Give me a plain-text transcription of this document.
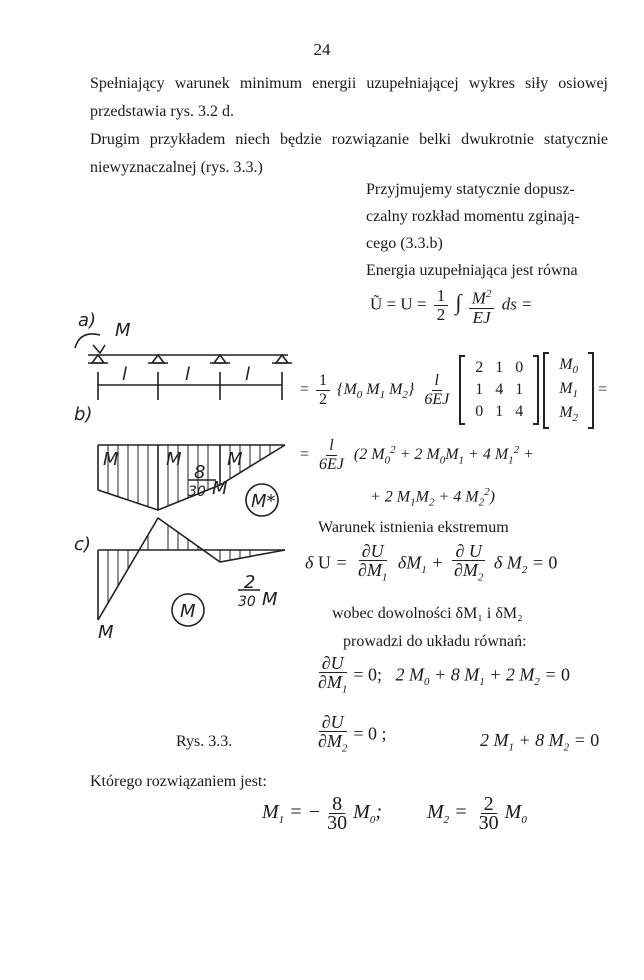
24
Spełniający warunek minimum energii uzupełniającej wykres siły osiowej przedstawia rys. 3.2 d.
Drugim przykładem niech będzie rozwiązanie belki dwukrotnie statycznie niewyznaczalnej (rys. 3.3.)
Przyjmujemy statycznie dopusz-
czalny rozkład momentu zginają-
cego (3.3.b)
Energia uzupełniająca jest równa
Ũ = $U = \frac{1}{2}$ ∫ $\frac{M^2}{EJ}$ ds =
= $\frac{1}{2} \{M_0$ $M_1$ $M_2\} \frac{l}{6EJ}$

2	1	0
1	4	1
0	1	4

$M_0$
$M_1$
$M_2$
=
= $\frac{l}{6EJ} (2$ $M_0^2 + 2$ $M_0M_1 + 4$ $M_1^2$ +
+ 2 $M_1M_2 + 4$ $M_2^2$)
Warunek istnienia ekstremum
δ $U = \frac{\partial U}{\partial M_1} \delta M_1 + \frac{\partial U}{\partial M_2}$ δ $M_2 = 0$
wobec dowolności δM₁ i δM₂
prowadzi do układu równań:
$\frac{\partial U}{\partial M_1} = 0$;   2 $M_0 + 8$ $M_1 + 2$ $M_2 = 0$
$\frac{\partial U}{\partial M_2} = 0$ ;	2 $M_1 + 8$ $M_2 = 0$
Rys. 3.3.
Którego rozwiązaniem jest:
$M_1$ = − $\frac{8}{30} M_0$;         $M_2 = \frac{2}{30} M_0$
a) M
l	l	l
b)
M	M	M
M*
8
30 M
c)
2
30 M
M
M
